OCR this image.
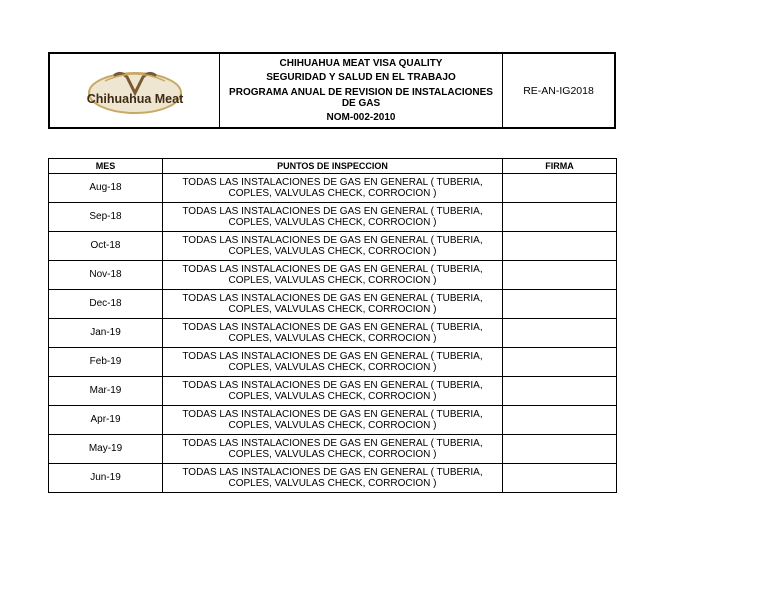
Chihuahua Meat
CHIHUAHUA MEAT VISA QUALITY
SEGURIDAD Y SALUD EN EL TRABAJO
PROGRAMA ANUAL DE REVISION DE INSTALACIONES DE GAS
NOM-002-2010
RE-AN-IG2018
MES	PUNTOS DE INSPECCION	FIRMA
Aug-18	TODAS LAS INSTALACIONES DE GAS EN GENERAL ( TUBERIA, COPLES, VALVULAS CHECK, CORROCION )	
Sep-18	TODAS LAS INSTALACIONES DE GAS EN GENERAL ( TUBERIA, COPLES, VALVULAS CHECK, CORROCION )	
Oct-18	TODAS LAS INSTALACIONES DE GAS EN GENERAL ( TUBERIA, COPLES, VALVULAS CHECK, CORROCION )	
Nov-18	TODAS LAS INSTALACIONES DE GAS EN GENERAL ( TUBERIA, COPLES, VALVULAS CHECK, CORROCION )	
Dec-18	TODAS LAS INSTALACIONES DE GAS EN GENERAL ( TUBERIA, COPLES, VALVULAS CHECK, CORROCION )	
Jan-19	TODAS LAS INSTALACIONES DE GAS EN GENERAL ( TUBERIA, COPLES, VALVULAS CHECK, CORROCION )	
Feb-19	TODAS LAS INSTALACIONES DE GAS EN GENERAL ( TUBERIA, COPLES, VALVULAS CHECK, CORROCION )	
Mar-19	TODAS LAS INSTALACIONES DE GAS EN GENERAL ( TUBERIA, COPLES, VALVULAS CHECK, CORROCION )	
Apr-19	TODAS LAS INSTALACIONES DE GAS EN GENERAL ( TUBERIA, COPLES, VALVULAS CHECK, CORROCION )	
May-19	TODAS LAS INSTALACIONES DE GAS EN GENERAL ( TUBERIA, COPLES, VALVULAS CHECK, CORROCION )	
Jun-19	TODAS LAS INSTALACIONES DE GAS EN GENERAL ( TUBERIA, COPLES, VALVULAS CHECK, CORROCION )	
